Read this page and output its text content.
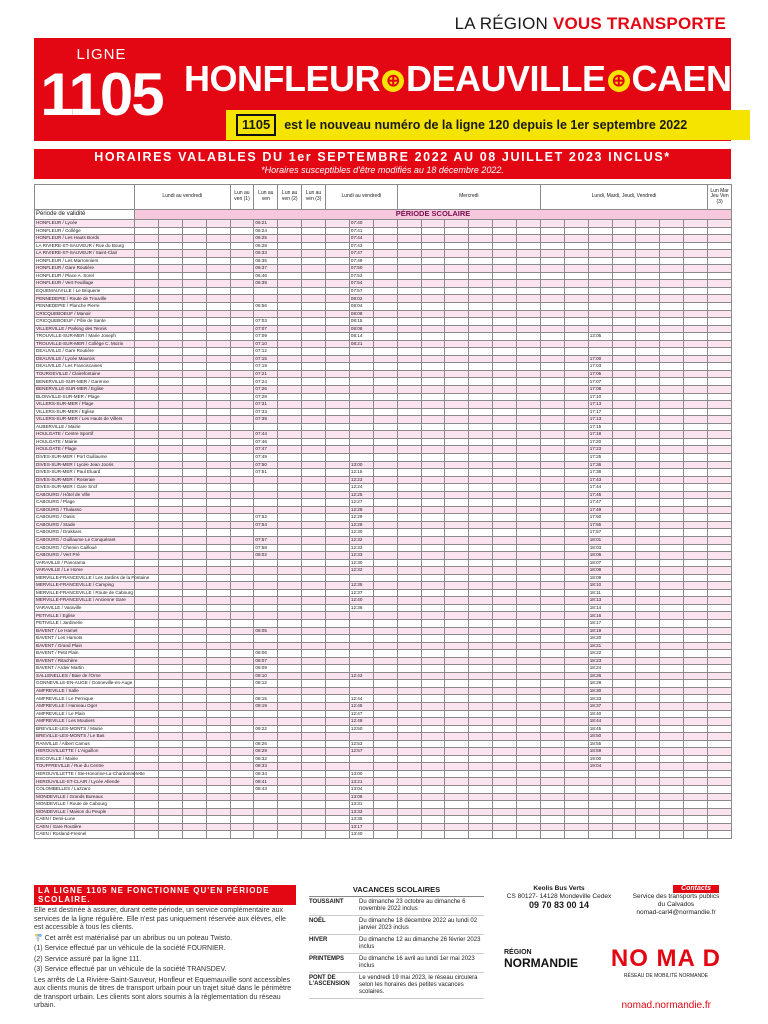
LA RÉGION VOUS TRANSPORTE
LIGNE
1105 HONFLEUR ⊕ DEAUVILLE ⊕ CAEN
1105 est le nouveau numéro de la ligne 120 depuis le 1er septembre 2022
HORAIRES VALABLES DU 1er SEPTEMBRE 2022 AU 08 JUILLET 2023 INCLUS*
*Horaires susceptibles d'être modifiés au 18 décembre 2022.
	Lundi au vendredi				Lun au ven (1)	Lun au ven	Lun au ven (2)	Lun au ven (3)	Lundi au vendredi			Mercredi						Lundi, Mardi, Jeudi, Vendredi							Lun Mar Jeu Ven (3)
Période de validité	PÉRIODE SCOLAIRE																								
HONFLEUR / Lycée						06:21				07:40															
HONFLEUR / Collège						06:24				07:41															
HONFLEUR / Les Hauts Bords						06:25				07:44															
LA RIVIERE-ST-SAUVEUR / Rue du Bourg						06:28				07:43															
LA RIVIERE-ST-SAUVEUR / Saint-Clair						06:33				07:47															
HONFLEUR / Les Marronniers						06:35				07:49															
HONFLEUR / Gare Routière						06:37				07:50															
HONFLEUR / Place A. Sorel						06:46				07:53															
HONFLEUR / Vert Feuillage						06:39				07:54															
EQUEMAUVILLE / Le Briquerie										07:57															
PENNEDEPIE / Route de Trouville										08:02															
PENNEDEPIE / Planche Pierre						06:56				08:04															
CRICQUEBOEUF / Manoir										08:08															
CRICQUEBOEUF / Pôle de Sante						07:03				08:15															
VILLERVILLE / Parking des Tennis						07:07				08:08															
TROUVILLE-SUR-MER / Marie Joseph						07:09				08:14										13:05					
TROUVILLE-SUR-MER / Collège C. Mozin						07:10				08:21															
DEAUVILLE / Gare Routière						07:12																			
DEAUVILLE / Lycée Maurois						07:15														17:00					
DEAUVILLE / Les Franciscaines						07:19														17:03					
TOURGEVILLE / Clairefontaine						07:21														17:05					
BENERVILLE-SUR-MER / Garenne						07:24														17:07					
BENERVILLE-SUR-MER / Eglise						07:26														17:08					
BLONVILLE-SUR-MER / Plage						07:28														17:10					
VILLERS-SUR-MER / Plage						07:31														17:13					
VILLERS-SUR-MER / Eglise						07:33														17:17					
VILLERS-SUR-MER / Les Hauts de Villers						07:39														17:13					
AUBERVILLE / Mairie																				17:15					
HOULGATE / Centre Sportif						07:44														17:18					
HOULGATE / Mairie						07:46														17:20					
HOULGATE / Plage						07:47														17:23					
DIVES-SUR-MER / Port Guillaume						07:49														17:25					
DIVES-SUR-MER / Lycée Jean Jooris						07:50				13:00										17:36					
DIVES-SUR-MER / Paul Eluard						07:51				12:15										17:38					
DIVES-SUR-MER / Roseraie										12:22										17:43					
DIVES-SUR-MER / Gare Sncf										12:24										17:44					
CABOURG / Hôtel de Ville										12:25										17:45					
CABOURG / Plage										12:27										17:47					
CABOURG / Thalasso										12:28										17:49					
CABOURG / Oasis						07:52				12:29										17:50					
CABOURG / Stade						07:54				12:28										17:55					
CABOURG / Drakkars										12:30										17:57					
CABOURG / Guillaume Le Conquérant						07:57				12:32										18:01					
CABOURG / Chemin Cailloué						07:58				12:33										18:03					
CABOURG / Vert Pré						08:02				12:33										18:06					
VARAVILLE / Panorama										12:30										18:07					
VARAVILLE / Le Home										12:32										18:08					
MERVILLE-FRANCEVILLE / Les Jardins de la Fontaine																				18:09					
MERVILLE-FRANCEVILLE / Camping										12:35										18:10					
MERVILLE-FRANCEVILLE / Route de Cabourg										12:37										18:11					
MERVILLE-FRANCEVILLE / Ancienne Gare										12:40										18:13					
VARAVILLE / Varaville										12:36										18:14					
PETIVILLE / Eglise																				18:16					
PETIVILLE / Jardinerie																				18:17					
BAVENT / Le Hamel						08:05														18:19					
BAVENT / Les Hamots																				18:20					
BAVENT / Grand Plain																				18:21					
BAVENT / Petit Plain						08:06														18:22					
BAVENT / Ritachère						08:07														18:23					
BAVENT / Ardeir Martin						08:09														18:24					
SALLENELLES / Baie de l'Orne						08:10				12:43										18:26					
GONNEVILLE-EN-AUGE / Gonneville-en-Auge						08:12														18:28					
AMFREVILLE / Salle																				18:30					
AMFREVILLE / Le Pernique						08:15				12:44										18:33					
AMFREVILLE / Hameau Oger						08:19				12:45										18:37					
AMFREVILLE / Le Plain										12:47										18:40					
AMFREVILLE / Les Moutiers										12:48										18:44					
BREVILLE-LES-MONTS / Mairie						08:22				12:50										18:45					
BREVILLE-LES-MONTS / Le Bas																				18:50					
RANVILLE / Albert Camus						08:26				12:53										18:55					
HEROUVILLETTE / L'Aiguillon						08:29				12:57										18:59					
ESCOVILLE / Mairie						08:32														19:00					
TOUFFREVILLE / Rue du Centre						08:33														19:04					
HEROUVILLETTE / Ste-Honorine-La-Chardonnerette						08:34				13:00															
HEROUVILLE-ST-CLAIR / Lycée Allende						08:41				13:21															
COLOMBELLES / Lazzaro						08:43				13:04															
MONDEVILLE / Grands Bureaux										13:06															
MONDEVILLE / Route de Cabourg										13:31															
MONDEVILLE / Maison du Peuple										13:33															
CAEN / Demi-Lune										13:35															
CAEN / Gare Routière										13:17															
CAEN / Rosland-Fresnel										13:40															
LA LIGNE 1105 NE FONCTIONNE QU'EN PÉRIODE SCOLAIRE.

Elle est destinée à assurer, durant cette période, un service complémentaire aux services de la ligne régulière. Elle n'est pas uniquement réservée aux élèves, elle est accessible à tous les clients.

🚏 Cet arrêt est matérialisé par un abribus ou un poteau Twisto.

(1) Service effectué par un véhicule de la société FOURNIER.

(2) Service assuré par la ligne 111.

(3) Service effectué par un véhicule de la société TRANSDEV.

Les arrêts de La Rivière-Saint-Sauveur, Honfleur et Equemauville sont accessibles aux clients munis de titres de transport urbain pour un trajet situé dans le périmètre de transport urbain. Les clients sont alors soumis à la réglementation du réseau urbain.

VACANCES SCOLAIRES
TOUSSAINT	Du dimanche 23 octobre au dimanche 6 novembre 2022 inclus
NOËL	Du dimanche 18 décembre 2022 au lundi 02 janvier 2023 inclus
HIVER	Du dimanche 12 au dimanche 26 février 2023 inclus
PRINTEMPS	Du dimanche 16 avril au lundi 1er mai 2023 inclus
PONT DE L'ASCENSION
Le vendredi 19 mai 2023, le réseau circulera selon les horaires des petites vacances scolaires.
Keolis Bus Verts
CS 80127- 14128 Mondeville Cedex
09 70 83 00 14
Contacts
Service des transports publics
du Calvados
nomad-carl4@normandie.fr
RÉGION
NORMANDIE NO MA D
RÉSEAU DE MOBILITÉ NORMANDE
nomad.normandie.fr
